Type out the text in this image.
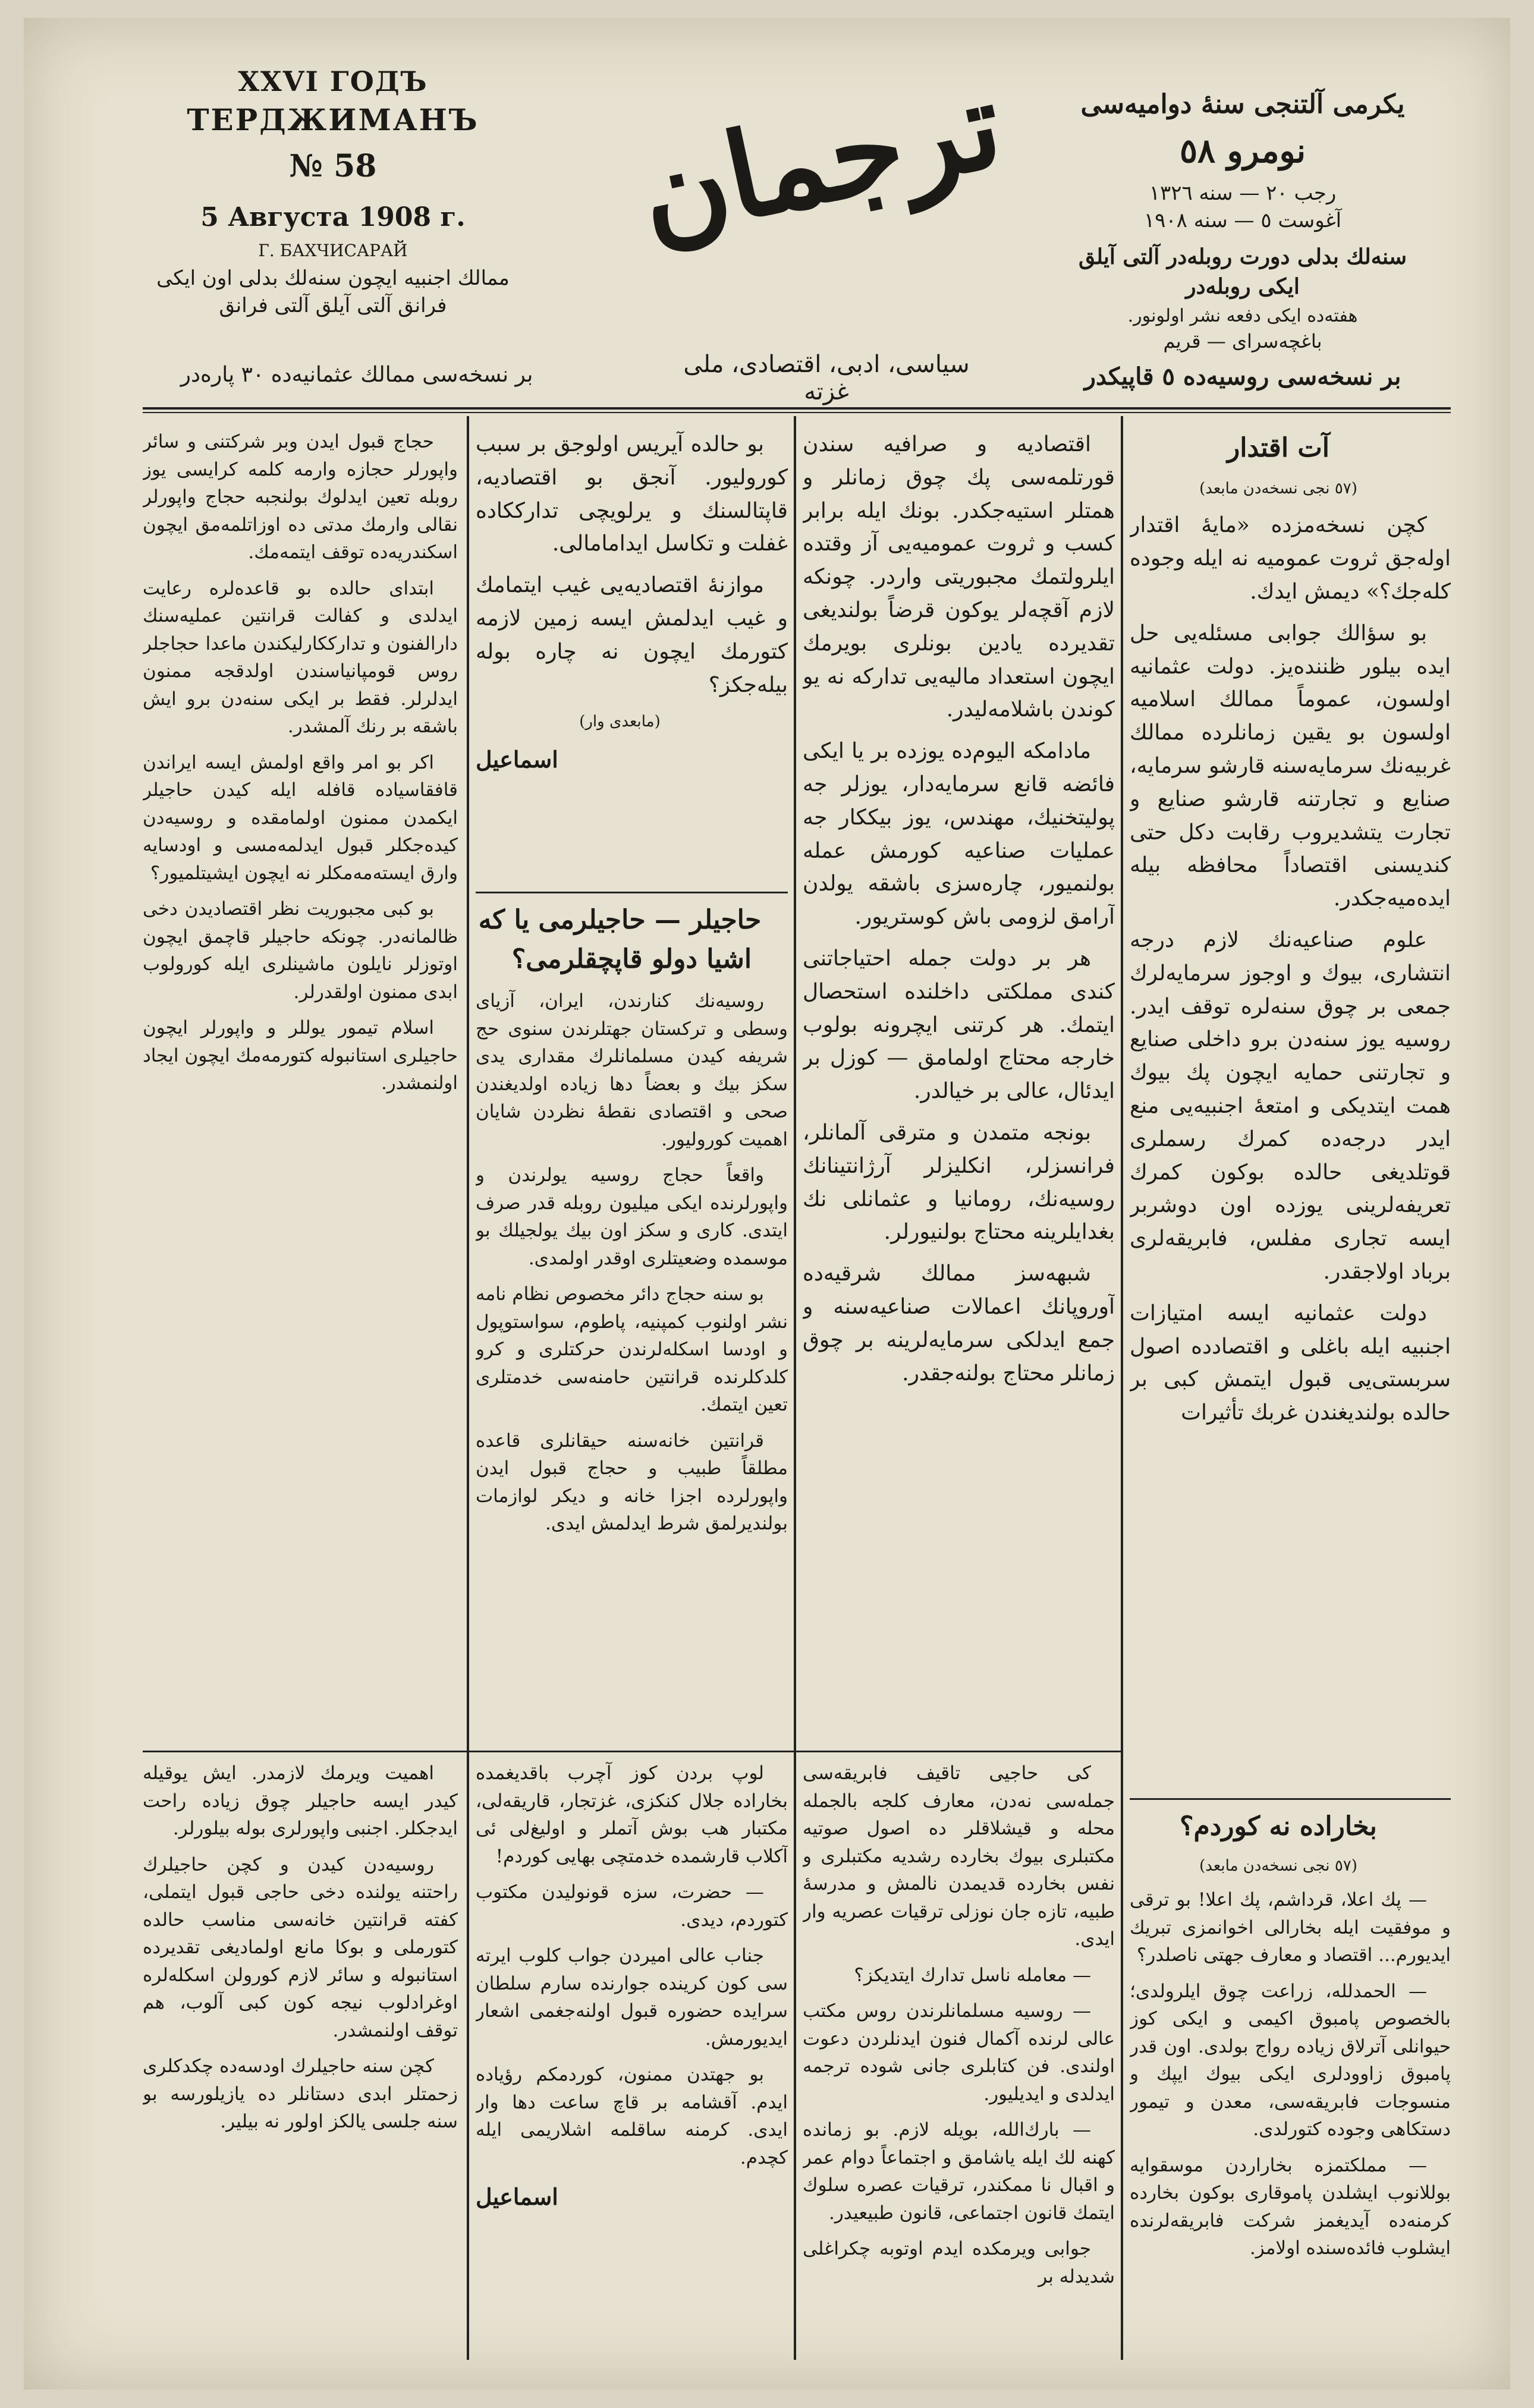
XXVI ГОДЪ
ТЕРДЖИМАНЪ
№ 58
5 Августа 1908 г.
Г. БАХЧИСАРАЙ
ممالك اجنبيه ايچون سنه‌لك بدلى اون ايكى فرانق آلتى آيلق آلتى فرانق
ترجمان
سياسى، ادبى، اقتصادى، ملى غزته
يكرمى آلتنجى سنهٔ دواميه‌سى
نومرو ٥٨
رجب ٢٠ — سنه ١٣٢٦
آغوست ٥ — سنه ١٩٠٨
سنه‌لك بدلى دورت روبله‌در آلتى آيلق ايكى روبله‌در
هفته‌ده ايكى دفعه نشر اولونور.
باغچه‌سراى — قريم
بر نسخه‌سى ممالك عثمانيه‌ده ٣٠ پاره‌در	بر نسخه‌سى روسيه‌ده ٥ قاپيكدر

حجاج قبول ايدن وبر شركتنى و سائر واپورلر حجازه وارمه كلمه كرايسى يوز روبله تعين ايدلوك بولنجبه حجاج واپورلر نقالى وارمك مدتى ده اوزاتلمه‌مق ايچون اسكندريه‌ده توقف ايتمه‌مك.

ابتداى حالده بو قاعده‌لره رعايت ايدلدى و كفالت قرانتين عمليه‌سنك دارالفنون و تدارككارليكندن ماعدا حجاجلر روس قومپانياسندن اولدقجه ممنون ايدلرلر. فقط بر ايكى سنه‌دن برو ايش باشقه بر رنك آلمشدر.

اكر بو امر واقع اولمش ايسه ايراندن قافقاسياده قافله ايله كيدن حاجيلر ايكمدن ممنون اولمامقده و روسيه‌دن كيده‌جكلر قبول ايدلمه‌مسى و اودسا‌يه وارق ايسته‌مه‌مكلر نه ايچون ايشيتلميور؟

بو كبى مجبوريت نظر اقتصاديدن دخى ظالمانه‌در. چونكه حاجيلر قاچمق ايچون اوتوزلر نايلون ماشينلرى ايله كورولوب ابدى ممنون اولقدرلر.

اسلام تيمور يوللر و واپورلر ايچون حاجيلرى استانبوله كتورمه‌مك ايچون ايجاد اولنمشدر.

اهميت ويرمك لازمدر. ايش يوقيله كيدر ايسه حاجيلر چوق زياده راحت ايدجكلر. اجنبى واپورلرى بوله بيلورلر.

روسيه‌دن كيدن و كچن حاجيلرك راحتنه يولنده دخى حاجى قبول ايتملى، كفته قرانتين خانه‌سى مناسب حالده كتورملى و بوكا مانع اولماديغى تقديرده استانبوله و سائر لازم كورولن اسكله‌لره اوغرادلوب نيجه كون كبى آلوب، هم توقف اولنمشدر.

كچن سنه حاجيلرك اودسه‌ده چكدكلرى زحمتلر ابدى دستانلر ده يازيلورسه بو سنه جلسى يالكز اولور نه بيلير.

بو حالده آيريس اولوجق بر سبب كوروليور. آنجق بو اقتصاديه، قاپتالسنك و يرلويچى تدارككاده غفلت و تكاسل ايدامامالى.

موازنهٔ اقتصاديه‌يى غيب ايتمامك و غيب ايدلمش ايسه زمين لازمه كتورمك ايچون نه چاره بوله بيله‌جكز؟

(مابعدى وار)

اسماعيل

حاجيلر — حاجيلرمى يا كه اشيا دولو قاپچقلرمى؟

روسيه‌نك كنارندن، ايران، آزياى وسطى و تركستان جهتلرندن سنوى حج شريفه كيدن مسلمانلرك مقدارى يدى سكز بيك و بعضاً دها زياده اولديغندن صحى و اقتصادى نقطهٔ نظردن شايان اهميت كوروليور.

واقعاً حجاج روسيه يولرندن و واپورلرنده ايكى ميليون روبله قدر صرف ايتدى. كارى و سكز اون بيك يولجيلك بو موسمده وضعيتلرى اوقدر اولمدى.

بو سنه حجاج دائر مخصوص نظام نامه نشر اولنوب كمپنيه، پاطوم، سواستوپول و اودسا اسكله‌لرندن حركتلرى و كرو كلدكلرنده قرانتين حامنه‌سى خدمتلرى تعين ايتمك.

قرانتين خانه‌سنه حيقانلرى قاعده مطلقاً طبيب و حجاج قبول ايدن واپورلرده اجزا خانه و ديكر لوازمات بولنديرلمق شرط ايدلمش ايدى.

لوپ بردن كوز آچرب باقديغمده بخاراده جلال كنكزى، غزتجار، قاريقه‌لى، مكتبار هب بوش آتملر و اوليغ‌لى ئى آكلاب قارشمده خدمتچى بهايى كوردم!

— حضرت، سزه قونوليدن مكتوب كتوردم، ديدى.

جناب عالى اميردن جواب كلوب ايرته سى كون كرينده جوارنده سارم سلطان سرايده حضوره قبول اولنه‌جغمى اشعار ايديورمش.

بو جهتدن ممنون، كوردمكم رؤياده ايدم. آقشامه بر قاچ ساعت دها وار ايدى. كرمنه ساقلمه اشلاريمى ايله كچدم.

اسماعيل

اقتصاديه و صرافيه سندن قورتلمه‌سى پك چوق زمانلر و همتلر استيه‌جكدر. بونك ايله برابر كسب و ثروت عموميه‌يى آز وقتده ايلرولتمك مجبوريتى واردر. چونكه لازم آقچه‌لر يوكون قرضاً بولنديغى تقديرده يادين بونلرى بويرمك ايچون استعداد ماليه‌يى تداركه نه يو كوندن باشلامه‌ليدر.

مادامكه اليوم‌ده يوزده بر يا ايكى فائضه قانع سرمايه‌دار، يوزلر جه پوليتخنيك، مهندس، يوز بيككار جه عمليات صناعيه كورمش عمله بولنميور، چاره‌سزى باشقه يولدن آرامق لزومى باش كوستريور.

هر بر دولت جمله احتياجاتنى كندى مملكتى داخلنده استحصال ايتمك. هر كرتنى ايچرونه بولوب خارجه محتاج اولمامق — كوزل بر ايدئال، عالى بر خيالدر.

بونجه متمدن و مترقى آلمانلر، فرانسزلر، انكليزلر آرژانتينانك روسيه‌نك، رومانيا و عثمانلى نك بغدايلرينه محتاج بولنيورلر.

شبهه‌سز ممالك شرقيه‌ده آوروپانك اعمالات صناعيه‌سنه و جمع ايدلكى سرمايه‌لرينه بر چوق زمانلر محتاج بولنه‌جقدر.

كى حاجيى تاقيف فابريقه‌سى جمله‌سى نه‌دن، معارف كلجه بالجمله محله و قيشلاقلر ده اصول صوتيه مكتبلرى بيوك بخارده رشديه مكتبلرى و نفس بخارده قديمدن نالمش و مدرسهٔ طبيه، تازه جان نوزلى ترقيات عصريه وار ايدى.

— معامله ناسل تدارك ايتديكز؟

— روسيه مسلمانلرندن روس مكتب عالى لرنده آكمال فنون ايدنلردن دعوت اولندى. فن كتابلرى جانى شوده ترجمه ايدلدى و ايديليور.

— بارك‌الله، بويله لازم. بو زمانده كهنه لك ايله ياشامق و اجتماعاً دوام عمر و اقبال نا ممكندر، ترقيات عصره سلوك ايتمك قانون اجتماعى، قانون طبيعيدر.

جوابى ويرمكده ايدم اوتوبه چكراغلى شديدله بر

آت اقتدار

(٥٧ نجى نسخه‌دن مابعد)

كچن نسخه‌مزده «مايهٔ اقتدار اوله‌جق ثروت عموميه نه ايله وجوده كله‌جك؟» ديمش ايدك.

بو سؤالك جوابى مسئله‌يى حل ايده بيلور ظننده‌يز. دولت عثمانيه اولسون، عموماً ممالك اسلاميه اولسون بو يقين زمانلرده ممالك غربيه‌نك سرمايه‌سنه قارشو سرمايه، صنايع و تجارتنه قارشو صنايع و تجارت يتشديروب رقابت دكل حتى كنديسنى اقتصاداً محافظه بيله ايده‌ميه‌جكدر.

علوم صناعيه‌نك لازم درجه انتشارى، بيوك و اوجوز سرمايه‌لرك جمعى بر چوق سنه‌لره توقف ايدر. روسيه يوز سنه‌دن برو داخلى صنايع و تجارتنى حمايه ايچون پك بيوك همت ايتديكى و امتعهٔ اجنبيه‌يى منع ايدر درجه‌ده كمرك رسملرى قوتلديغى حالده بوكون كمرك تعريفه‌لرينى يوزده اون دوشربر ايسه تجارى مفلس، فابريقه‌لرى برباد اولاجقدر.

دولت عثمانيه ايسه امتيازات اجنبيه ايله باغلى و اقتصادده اصول سربستى‌يى قبول ايتمش كبى بر حالده بولنديغندن غربك تأثيرات

بخاراده نه كوردم؟

(٥٧ نجى نسخه‌دن مابعد)

— پك اعلا، قرداشم، پك اعلا! بو ترقى و موفقيت ايله بخارالى اخوانمزى تبريك ايديورم... اقتصاد و معارف جهتى ناصلدر؟

— الحمدلله، زراعت چوق ايلرولدى؛ بالخصوص پامبوق اكيمى و ايكى كوز حيوانلى آترلاق زياده رواج بولدى. اون قدر پامبوق زاوودلرى ايكى بيوك ايپك و منسوجات فابريقه‌سى، معدن و تيمور دستكاهى وجوده كتورلدى.

— مملكتمزه بخاراردن موسقوايه بوللانوب ايشلدن پاموقارى بوكون بخارده كرمنه‌ده آيديغمز شركت فابريقه‌لرنده ايشلوب فائده‌سنده اولامز.
